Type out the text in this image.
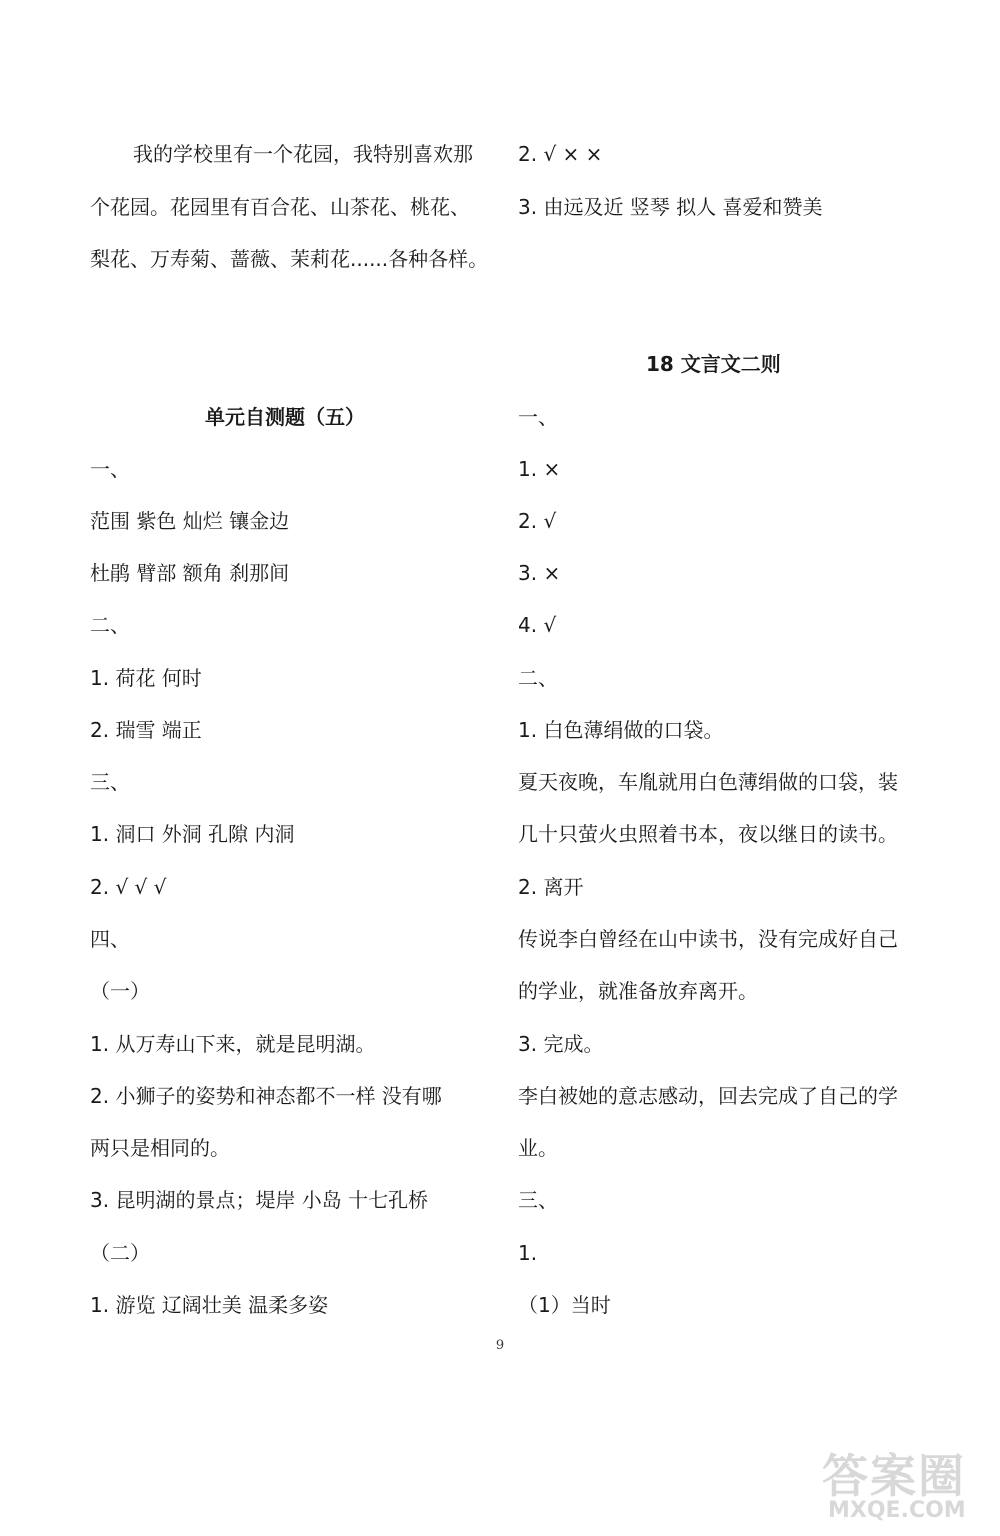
我的学校里有一个花园，我特别喜欢那
个花园。花园里有百合花、山茶花、桃花、
梨花、万寿菊、蔷薇、茉莉花......各种各样。
单元自测题（五）
一、
范围 紫色 灿烂 镶金边
杜鹃 臂部 额角 刹那间
二、
1. 荷花 何时
2. 瑞雪 端正
三、
1. 洞口 外洞 孔隙 内洞
2. √ √ √
四、
（一）
1. 从万寿山下来，就是昆明湖。
2. 小狮子的姿势和神态都不一样 没有哪
两只是相同的。
3. 昆明湖的景点；堤岸 小岛 十七孔桥
（二）
1. 游览 辽阔壮美 温柔多姿
2. √ × ×
3. 由远及近 竖琴 拟人 喜爱和赞美
18 文言文二则
一、
1. ×
2. √
3. ×
4. √
二、
1. 白色薄绢做的口袋。
夏天夜晚，车胤就用白色薄绢做的口袋，装
几十只萤火虫照着书本，夜以继日的读书。
2. 离开
传说李白曾经在山中读书，没有完成好自己
的学业，就准备放弃离开。
3. 完成。
李白被她的意志感动，回去完成了自己的学
业。
三、
1.
（1）当时
9
答案圈
MXQE.COM
